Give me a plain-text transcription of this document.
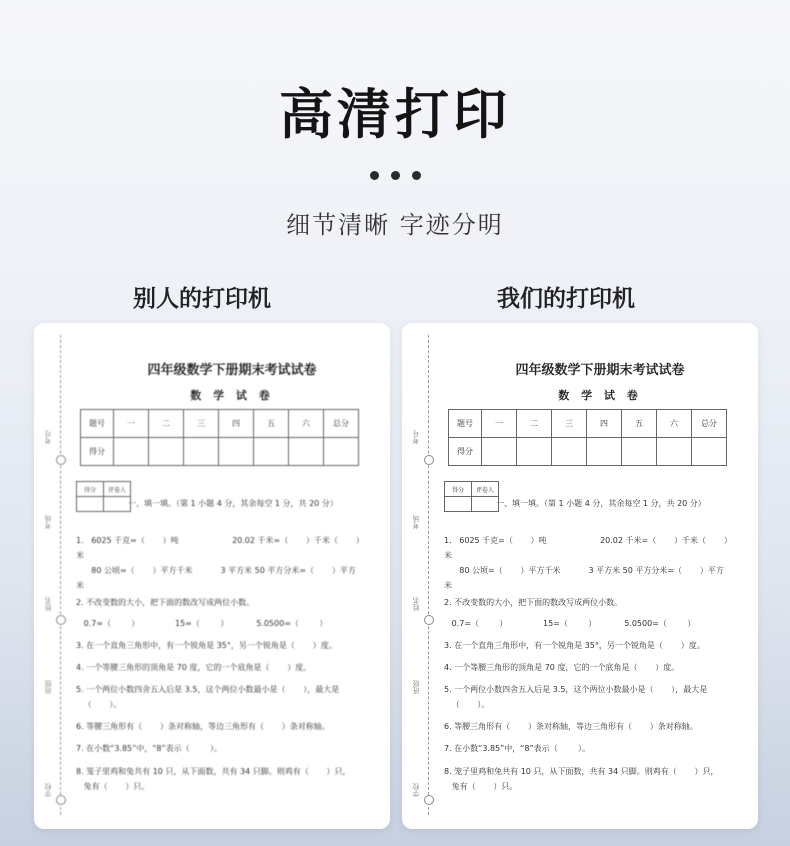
高清打印
细节清晰 字迹分明
别人的打印机	我们的打印机
考号
考场
姓名
班级
学校
四年级数学下册期末考试试卷
数 学 试 卷
题号	一	二	三	四	五	六	总分
得分							
得分	评卷人

一、填一填。（第 1 小题 4 分，其余每空 1 分，共 20 分）
1.   6025 千克=（       ）吨                     20.02 千米=（       ）千米（       ）
米
80 公顷=（       ）平方千米           3 平方米 50 平方分米=（       ）平方
米
2. 不改变数的大小，把下面的数改写成两位小数。
0.7=（        ）              15=（        ）           5.0500=（        ）
3. 在一个直角三角形中，有一个锐角是 35°，另一个锐角是（       ）度。
4. 一个等腰三角形的顶角是 70 度，它的一个底角是（       ）度。
5. 一个两位小数四舍五入后是 3.5，这个两位小数最小是（       ），最大是
（       ）。
6. 等腰三角形有（       ）条对称轴，等边三角形有（       ）条对称轴。
7. 在小数“3.85”中，“8”表示（        ）。
8. 笼子里鸡和兔共有 10 只，从下面数，共有 34 只脚。则鸡有（       ）只，
兔有（       ）只。
考号
考场
姓名
班级
学校
四年级数学下册期末考试试卷
数 学 试 卷
题号	一	二	三	四	五	六	总分
得分							
得分	评卷人

一、填一填。（第 1 小题 4 分，其余每空 1 分，共 20 分）
1.   6025 千克=（       ）吨                     20.02 千米=（       ）千米（       ）
米
80 公顷=（       ）平方千米           3 平方米 50 平方分米=（       ）平方
米
2. 不改变数的大小，把下面的数改写成两位小数。
0.7=（        ）              15=（        ）           5.0500=（        ）
3. 在一个直角三角形中，有一个锐角是 35°，另一个锐角是（       ）度。
4. 一个等腰三角形的顶角是 70 度，它的一个底角是（       ）度。
5. 一个两位小数四舍五入后是 3.5，这个两位小数最小是（       ），最大是
（       ）。
6. 等腰三角形有（       ）条对称轴，等边三角形有（       ）条对称轴。
7. 在小数“3.85”中，“8”表示（        ）。
8. 笼子里鸡和兔共有 10 只，从下面数，共有 34 只脚。则鸡有（       ）只，
兔有（       ）只。
